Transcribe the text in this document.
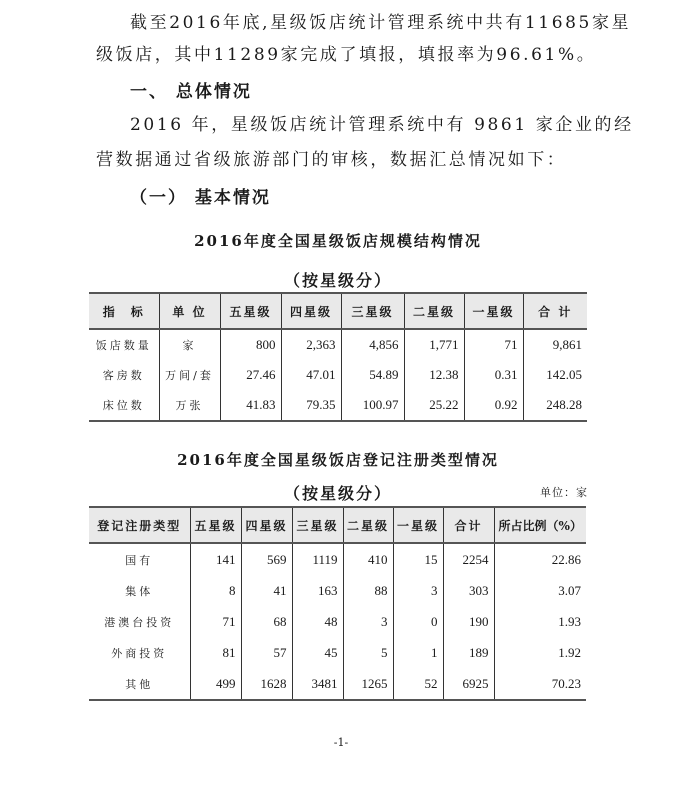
截至2016年底,星级饭店统计管理系统中共有11685家星
级饭店，其中11289家完成了填报，填报率为96.61%。
一、 总体情况
2016 年，星级饭店统计管理系统中有 9861 家企业的经
营数据通过省级旅游部门的审核，数据汇总情况如下：
（一） 基本情况
2016年度全国星级饭店规模结构情况
（按星级分）
指　标	单 位	五星级	四星级	三星级	二星级	一星级	合 计
饭店数量	家	800	2,363	4,856	1,771	71	9,861
客房数	万间/套	27.46	47.01	54.89	12.38	0.31	142.05
床位数	万张	41.83	79.35	100.97	25.22	0.92	248.28
2016年度全国星级饭店登记注册类型情况
（按星级分）	单位：家
登记注册类型	五星级	四星级	三星级	二星级	一星级	合计	所占比例（%）
国有	141	569	1119	410	15	2254	22.86
集体	8	41	163	88	3	303	3.07
港澳台投资	71	68	48	3	0	190	1.93
外商投资	81	57	45	5	1	189	1.92
其他	499	1628	3481	1265	52	6925	70.23
-1-
